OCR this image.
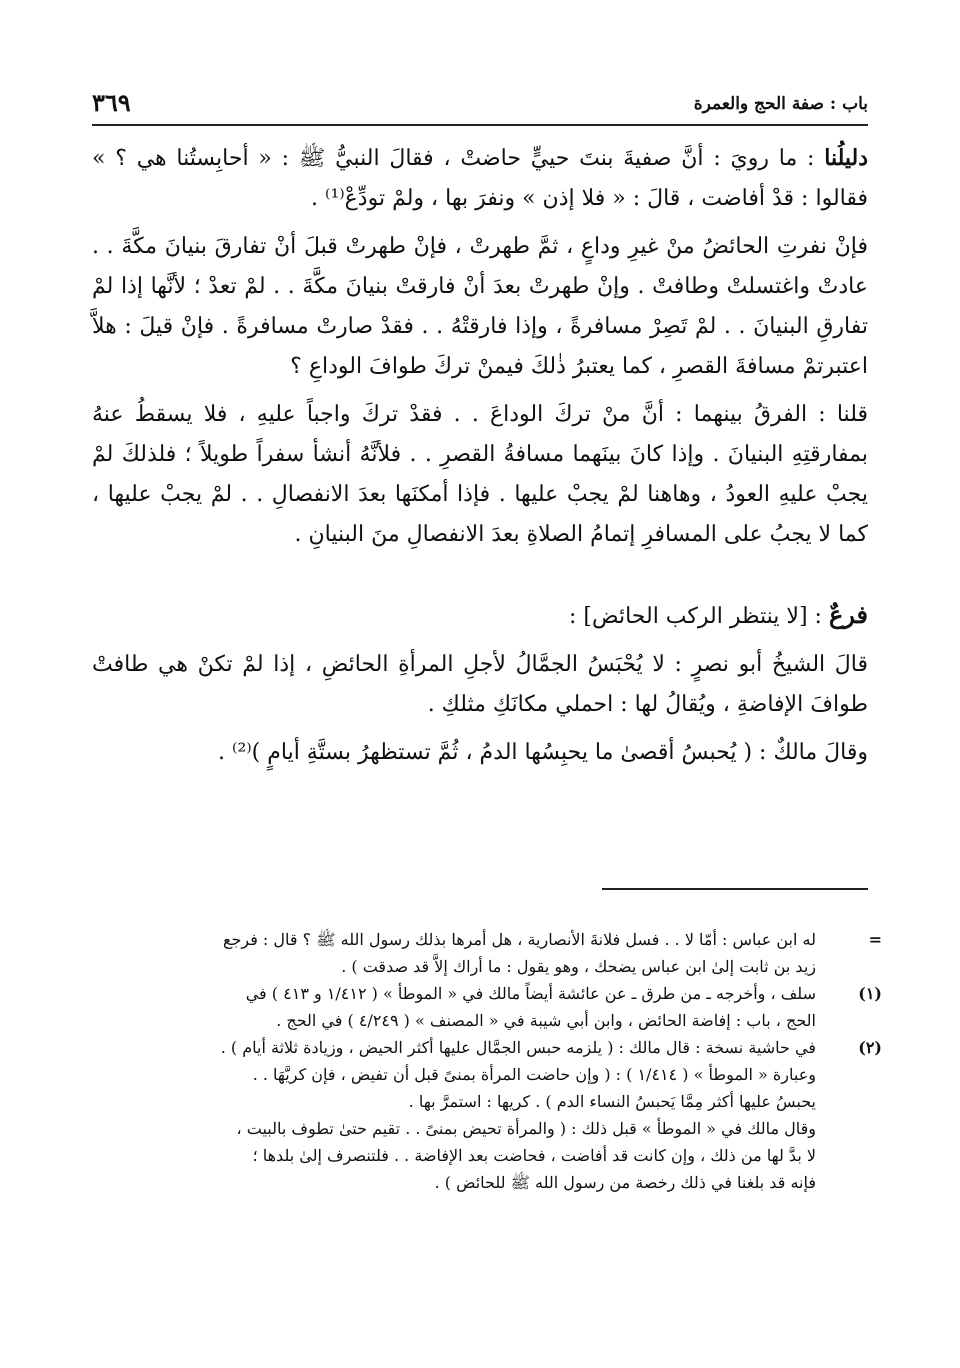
باب : صفة الحج والعمرة
٣٦٩

دليلُنا : ما رويَ : أنَّ صفيةَ بنتَ حييٍّ حاضتْ ، فقالَ النبيُّ ﷺ : « أحابِستُنا هي ؟ » فقالوا : قدْ أفاضت ، قالَ : « فلا إذن » ونفرَ بها ، ولمْ تودِّعْ⁽¹⁾ .

فإنْ نفرتِ الحائضُ منْ غيرِ وداعٍ ، ثمَّ طهرتْ ، فإنْ طهرتْ قبلَ أنْ تفارقَ بنيانَ مكَّةَ . . عادتْ واغتسلتْ وطافتْ . وإنْ طهرتْ بعدَ أنْ فارقتْ بنيانَ مكَّةَ . . لمْ تعدْ ؛ لأنَّها إذا لمْ تفارقِ البنيانَ . . لمْ تَصِرْ مسافرةً ، وإذا فارقتْهُ . . فقدْ صارتْ مسافرةً . فإنْ قيلَ : هلاَّ اعتبرتمْ مسافةَ القصرِ ، كما يعتبرُ ذٰلكَ فيمنْ تركَ طوافَ الوداعِ ؟

قلنا : الفرقُ بينهما : أنَّ منْ تركَ الوداعَ . . فقدْ تركَ واجباً عليهِ ، فلا يسقطُ عنهُ بمفارقتِهِ البنيانَ . وإذا كانَ بينَهما مسافةُ القصرِ . . فلأنَّهُ أنشأ سفراً طويلاً ؛ فلذلكَ لمْ يجبْ عليهِ العودُ ، وهاهنا لمْ يجبْ عليها . فإذا أمكنَها بعدَ الانفصالِ . . لمْ يجبْ عليها ، كما لا يجبُ على المسافرِ إتمامُ الصلاةِ بعدَ الانفصالِ منَ البنيانِ .

فرعٌ : [لا ينتظر الركب الحائض] :

قالَ الشيخُ أبو نصرٍ : لا يُحْبَسُ الجمَّالُ لأجلِ المرأةِ الحائضِ ، إذا لمْ تكنْ هي طافتْ طوافَ الإفاضةِ ، ويُقالُ لها : احملي مكانَكِ مثلكِ .

وقالَ مالكٌ : ( يُحبسُ أقصىٰ ما يحبِسُها الدمُ ، ثُمَّ تستظهرُ بستَّةِ أيامٍ )⁽²⁾ .

=
له ابن عباس : أمّا لا . . فسل فلانةَ الأنصارية ، هل أمرها بذلك رسول الله ﷺ ؟ قال : فرجع
زيد بن ثابت إلىٰ ابن عباس يضحك ، وهو يقول : ما أراك إلاَّ قد صدقت ) .

(١)
سلف ، وأخرجه ـ من طرق ـ عن عائشة أيضاً مالك في « الموطأ » ( ١/٤١٢ و ٤١٣ ) في
الحج ، باب : إفاضة الحائض ، وابن أبي شيبة في « المصنف » ( ٤/٢٤٩ ) في الحج .

(٢)
في حاشية نسخة : قال مالك : ( يلزمه حبس الجمَّال عليها أكثر الحيض ، وزيادة ثلاثة أيام ) .
وعبارة « الموطأ » ( ١/٤١٤ ) : ( وإن حاضت المرأة بمنىً قبل أن تفيض ، فإن كريَّهَا . .
يحبسُ عليها أكثر مِمَّا يَحبسُ النساء الدم ) . كريها : استمرَّ بها .
وقال مالك في « الموطأ » قبل ذلك : ( والمرأة تحيض بمنىً . . تقيم حتىٰ تطوف بالبيت ،
لا بدَّ لها من ذلك ، وإن كانت قد أفاضت ، فحاضت بعد الإفاضة . . فلتنصرف إلىٰ بلدها ؛
فإنه قد بلغنا في ذلك رخصة من رسول الله ﷺ للحائض ) .
